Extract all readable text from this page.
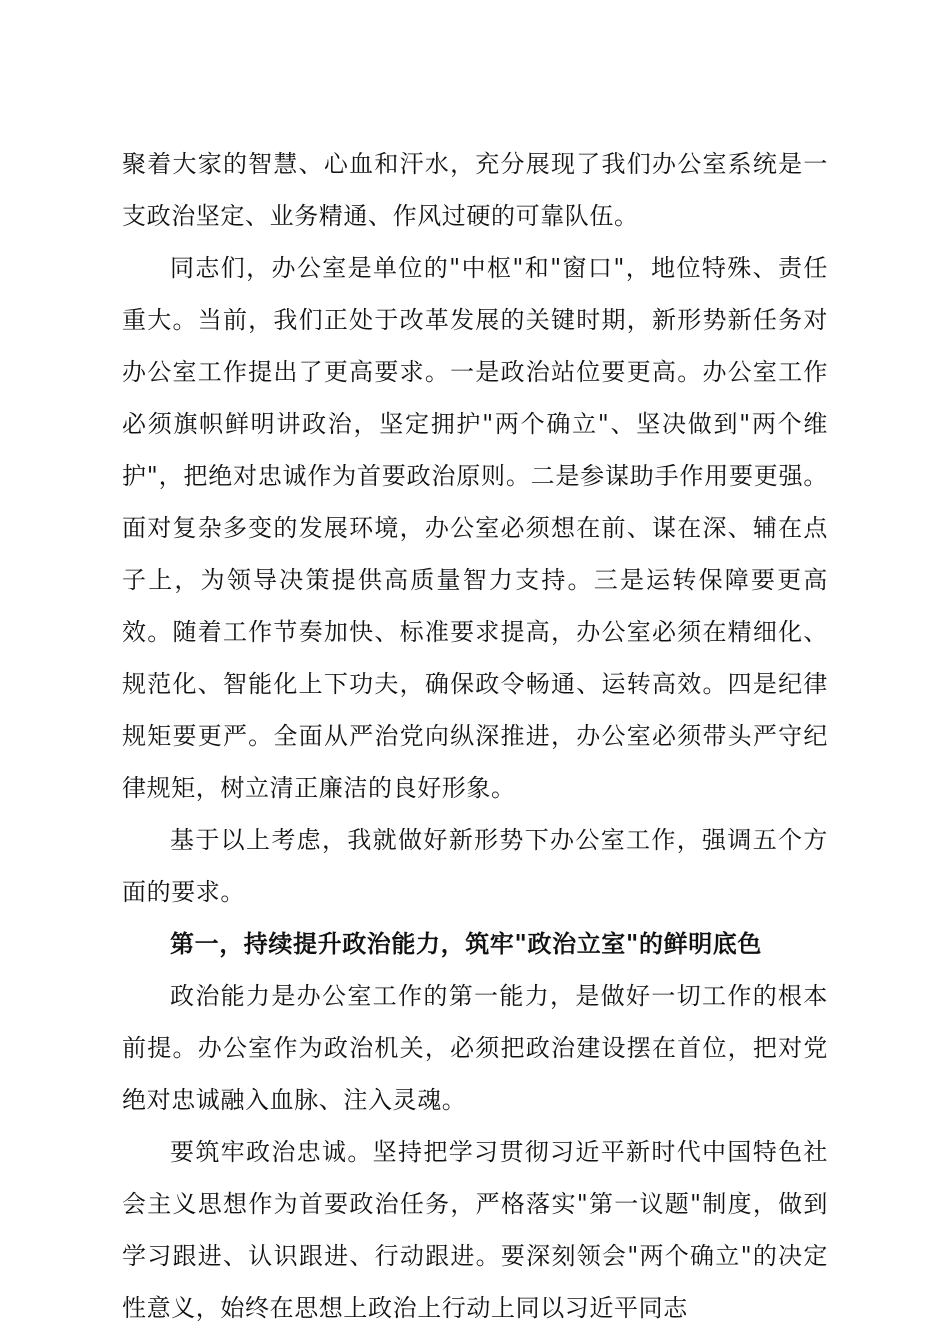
聚着大家的智慧、心血和汗水，充分展现了我们办公室系统是一支政治坚定、业务精通、作风过硬的可靠队伍。

同志们，办公室是单位的"中枢"和"窗口"，地位特殊、责任重大。当前，我们正处于改革发展的关键时期，新形势新任务对办公室工作提出了更高要求。一是政治站位要更高。办公室工作必须旗帜鲜明讲政治，坚定拥护"两个确立"、坚决做到"两个维护"，把绝对忠诚作为首要政治原则。二是参谋助手作用要更强。面对复杂多变的发展环境，办公室必须想在前、谋在深、辅在点子上，为领导决策提供高质量智力支持。三是运转保障要更高效。随着工作节奏加快、标准要求提高，办公室必须在精细化、规范化、智能化上下功夫，确保政令畅通、运转高效。四是纪律规矩要更严。全面从严治党向纵深推进，办公室必须带头严守纪律规矩，树立清正廉洁的良好形象。

基于以上考虑，我就做好新形势下办公室工作，强调五个方面的要求。

第一，持续提升政治能力，筑牢"政治立室"的鲜明底色

政治能力是办公室工作的第一能力，是做好一切工作的根本前提。办公室作为政治机关，必须把政治建设摆在首位，把对党绝对忠诚融入血脉、注入灵魂。

要筑牢政治忠诚。坚持把学习贯彻习近平新时代中国特色社会主义思想作为首要政治任务，严格落实"第一议题"制度，做到学习跟进、认识跟进、行动跟进。要深刻领会"两个确立"的决定性意义，始终在思想上政治上行动上同以习近平同志
